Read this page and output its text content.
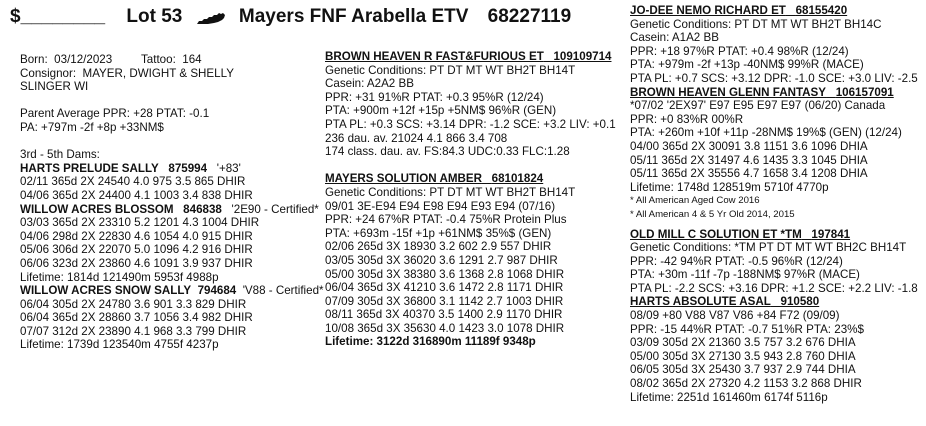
$________ Lot 53	Mayers FNF Arabella ETV 68227119
Born: 03/12/2023 Tattoo: 164
Consignor: MAYER, DWIGHT & SHELLY
SLINGER WI
Parent Average PPR: +28 PTAT: -0.1
PA: +797m -2f +8p +33NM$
3rd - 5th Dams:
HARTS PRELUDE SALLY 875994 '+83'
02/11 365d 2X 24540 4.0 975 3.5 865 DHIR
04/06 365d 2X 24400 4.1 1003 3.4 838 DHIR
WILLOW ACRES BLOSSOM 846838 '2E90 - Certified*
03/03 365d 2X 23310 5.2 1201 4.3 1004 DHIR
04/06 298d 2X 22830 4.6 1054 4.0 915 DHIR
05/06 306d 2X 22070 5.0 1096 4.2 916 DHIR
06/06 323d 2X 23860 4.6 1091 3.9 937 DHIR
Lifetime: 1814d 121490m 5953f 4988p
WILLOW ACRES SNOW SALLY 794684 'V88 - Certified*
06/04 305d 2X 24780 3.6 901 3.3 829 DHIR
06/04 365d 2X 28860 3.7 1056 3.4 982 DHIR
07/07 312d 2X 23890 4.1 968 3.3 799 DHIR
Lifetime: 1739d 123540m 4755f 4237p
BROWN HEAVEN R FAST&FURIOUS ET 109109714
Genetic Conditions: PT DT MT WT BH2T BH14T
Casein: A2A2 BB
PPR: +31 91%R PTAT: +0.3 95%R (12/24)
PTA: +900m +12f +15p +5NM$ 96%R (GEN)
PTA PL: +0.3 SCS: +3.14 DPR: -1.2 SCE: +3.2 LIV: +0.1
236 dau. av. 21024 4.1 866 3.4 708
174 class. dau. av. FS:84.3 UDC:0.33 FLC:1.28
MAYERS SOLUTION AMBER 68101824
Genetic Conditions: PT DT MT WT BH2T BH14T
09/01 3E-E94 E94 E98 E94 E93 E94 (07/16)
PPR: +24 67%R PTAT: -0.4 75%R Protein Plus
PTA: +693m -15f +1p +61NM$ 35%$ (GEN)
02/06 265d 3X 18930 3.2 602 2.9 557 DHIR
03/05 305d 3X 36020 3.6 1291 2.7 987 DHIR
05/00 305d 3X 38380 3.6 1368 2.8 1068 DHIR
06/04 365d 3X 41210 3.6 1472 2.8 1171 DHIR
07/09 305d 3X 36800 3.1 1142 2.7 1003 DHIR
08/11 365d 3X 40370 3.5 1400 2.9 1170 DHIR
10/08 365d 3X 35630 4.0 1423 3.0 1078 DHIR
Lifetime: 3122d 316890m 11189f 9348p
JO-DEE NEMO RICHARD ET 68155420
Genetic Conditions: PT DT MT WT BH2T BH14C
Casein: A1A2 BB
PPR: +18 97%R PTAT: +0.4 98%R (12/24)
PTA: +979m -2f +13p -40NM$ 99%R (MACE)
PTA PL: +0.7 SCS: +3.12 DPR: -1.0 SCE: +3.0 LIV: -2.5
BROWN HEAVEN GLENN FANTASY 106157091
*07/02 '2EX97' E97 E95 E97 E97 (06/20) Canada
PPR: +0 83%R 00%R
PTA: +260m +10f +11p -28NM$ 19%$ (GEN) (12/24)
04/00 365d 2X 30091 3.8 1151 3.6 1096 DHIA
05/11 365d 2X 31497 4.6 1435 3.3 1045 DHIA
05/11 365d 2X 35556 4.7 1658 3.4 1208 DHIA
Lifetime: 1748d 128519m 5710f 4770p
* All American Aged Cow 2016
* All American 4 & 5 Yr Old 2014, 2015
OLD MILL C SOLUTION ET *TM 197841
Genetic Conditions: *TM PT DT MT WT BH2C BH14T
PPR: -42 94%R PTAT: -0.5 96%R (12/24)
PTA: +30m -11f -7p -188NM$ 97%R (MACE)
PTA PL: -2.2 SCS: +3.16 DPR: +1.2 SCE: +2.2 LIV: -1.8
HARTS ABSOLUTE ASAL 910580
08/09 +80 V88 V87 V86 +84 F72 (09/09)
PPR: -15 44%R PTAT: -0.7 51%R PTA: 23%$
03/09 305d 2X 21360 3.5 757 3.2 676 DHIA
05/00 305d 3X 27130 3.5 943 2.8 760 DHIA
06/05 305d 3X 25430 3.7 937 2.9 744 DHIA
08/02 365d 2X 27320 4.2 1153 3.2 868 DHIR
Lifetime: 2251d 161460m 6174f 5116p
